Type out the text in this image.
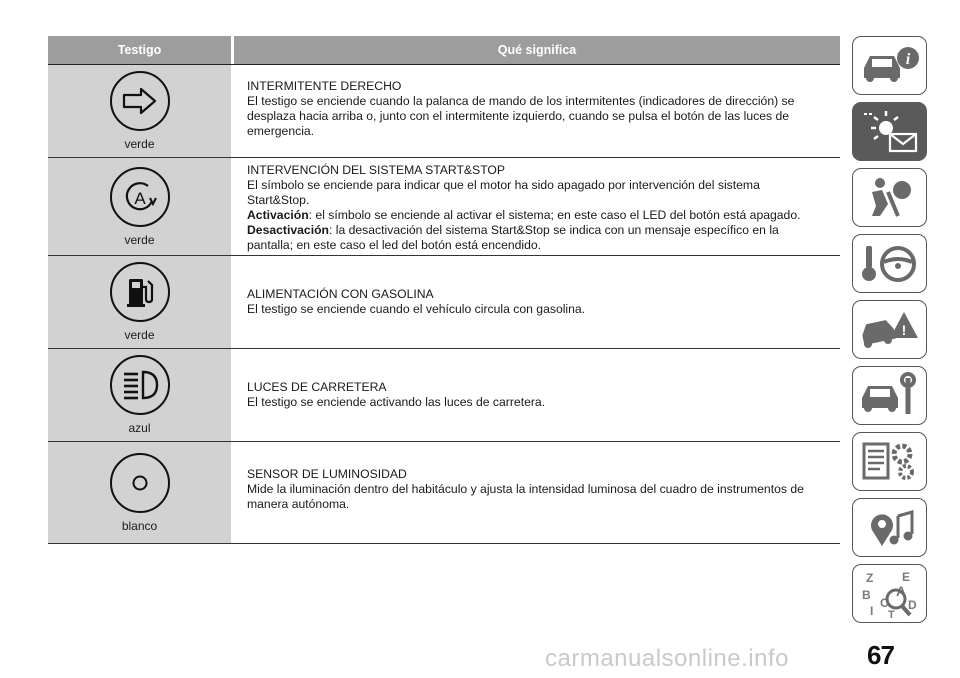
Testigo	Qué significa
verde
INTERMITENTE DERECHO
El testigo se enciende cuando la palanca de mando de los intermitentes (indicadores de dirección) se desplaza hacia arriba o, junto con el intermitente izquierdo, cuando se pulsa el botón de las luces de emergencia.
A
verde
INTERVENCIÓN DEL SISTEMA START&STOP
El símbolo se enciende para indicar que el motor ha sido apagado por intervención del sistema Start&Stop.
Activación: el símbolo se enciende al activar el sistema; en este caso el LED del botón está apagado.
Desactivación: la desactivación del sistema Start&Stop se indica con un mensaje específico en la pantalla; en este caso el led del botón está encendido.
verde
ALIMENTACIÓN CON GASOLINA
El testigo se enciende cuando el vehículo circula con gasolina.
azul
LUCES DE CARRETERA
El testigo se enciende activando las luces de carretera.
blanco
SENSOR DE LUMINOSIDAD
Mide la iluminación dentro del habitáculo y ajusta la intensidad luminosa del cuadro de instrumentos de manera autónoma.
i
!
Z E
B A
C D
I T
67
carmanualsonline.info
